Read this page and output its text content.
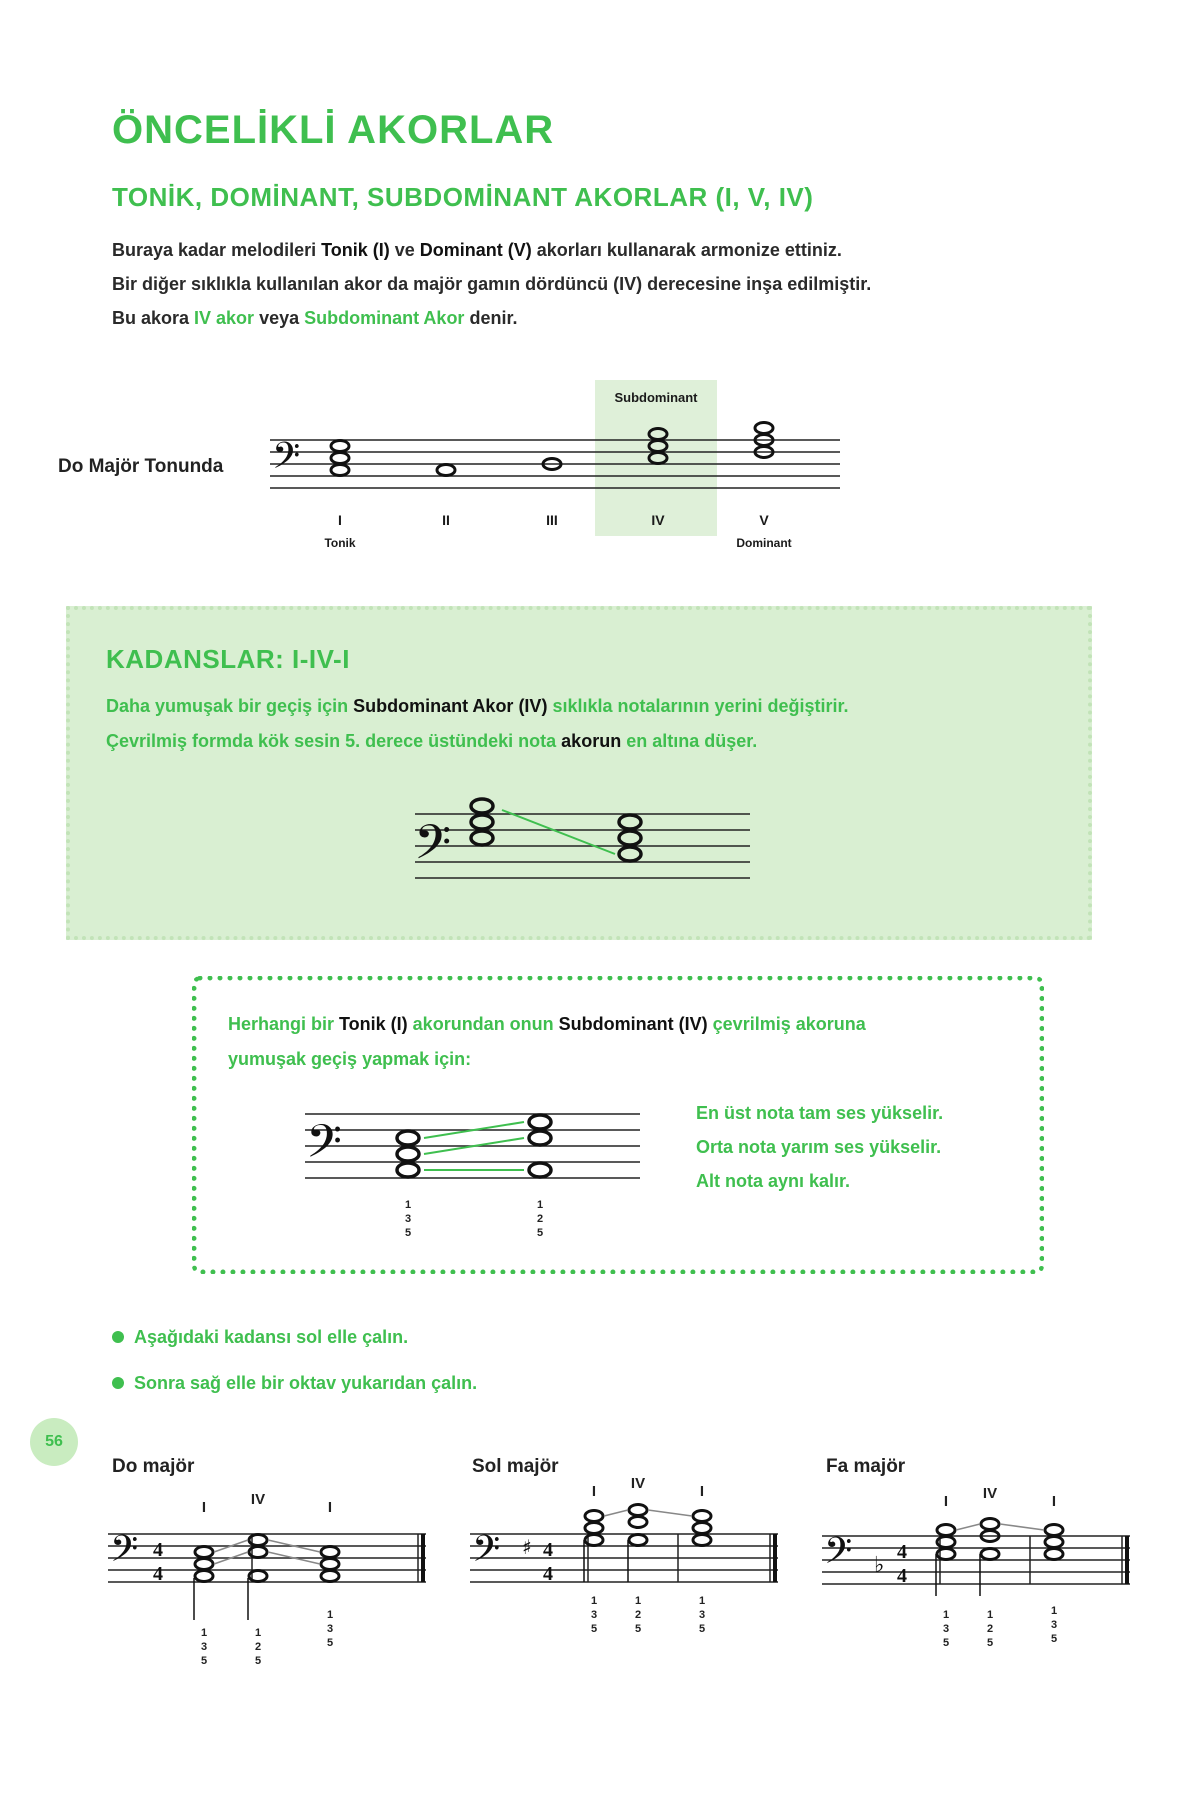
ÖNCELİKLİ AKORLAR
TONİK, DOMİNANT, SUBDOMİNANT AKORLAR (I, V, IV)

Buraya kadar melodileri Tonik (I) ve Dominant (V) akorları kullanarak armonize ettiniz.

Bir diğer sıklıkla kullanılan akor da majör gamın dördüncü (IV) derecesine inşa edilmiştir.

Bu akora IV akor veya Subdominant Akor denir.

Subdominant
Do Majör Tonunda 𝄢
I	II	III	IV	V
Tonik	Dominant
KADANSLAR: I-IV-I

Daha yumuşak bir geçiş için Subdominant Akor (IV) sıklıkla notalarının yerini değiştirir.

Çevrilmiş formda kök sesin 5. derece üstündeki nota akorun en altına düşer.

𝄢

Herhangi bir Tonik (I) akorundan onun Subdominant (IV) çevrilmiş akoruna

yumuşak geçiş yapmak için:

𝄢
1
3
5
1
2
5

En üst nota tam ses yükselir.

Orta nota yarım ses yükselir.

Alt nota aynı kalır.

Aşağıdaki kadansı sol elle çalın.
Sonra sağ elle bir oktav yukarıdan çalın.
56
Do majör	Sol majör	Fa majör
I	IV	I
𝄢 4
4
1
3
5
1
2
5
1
3
5
I IV	I
𝄢 ♯ 4
4
1
3
5
1
2
5
1
3
5
I IV	I
𝄢 ♭
4
4
1
3
5
1
2
5
1
3
5
